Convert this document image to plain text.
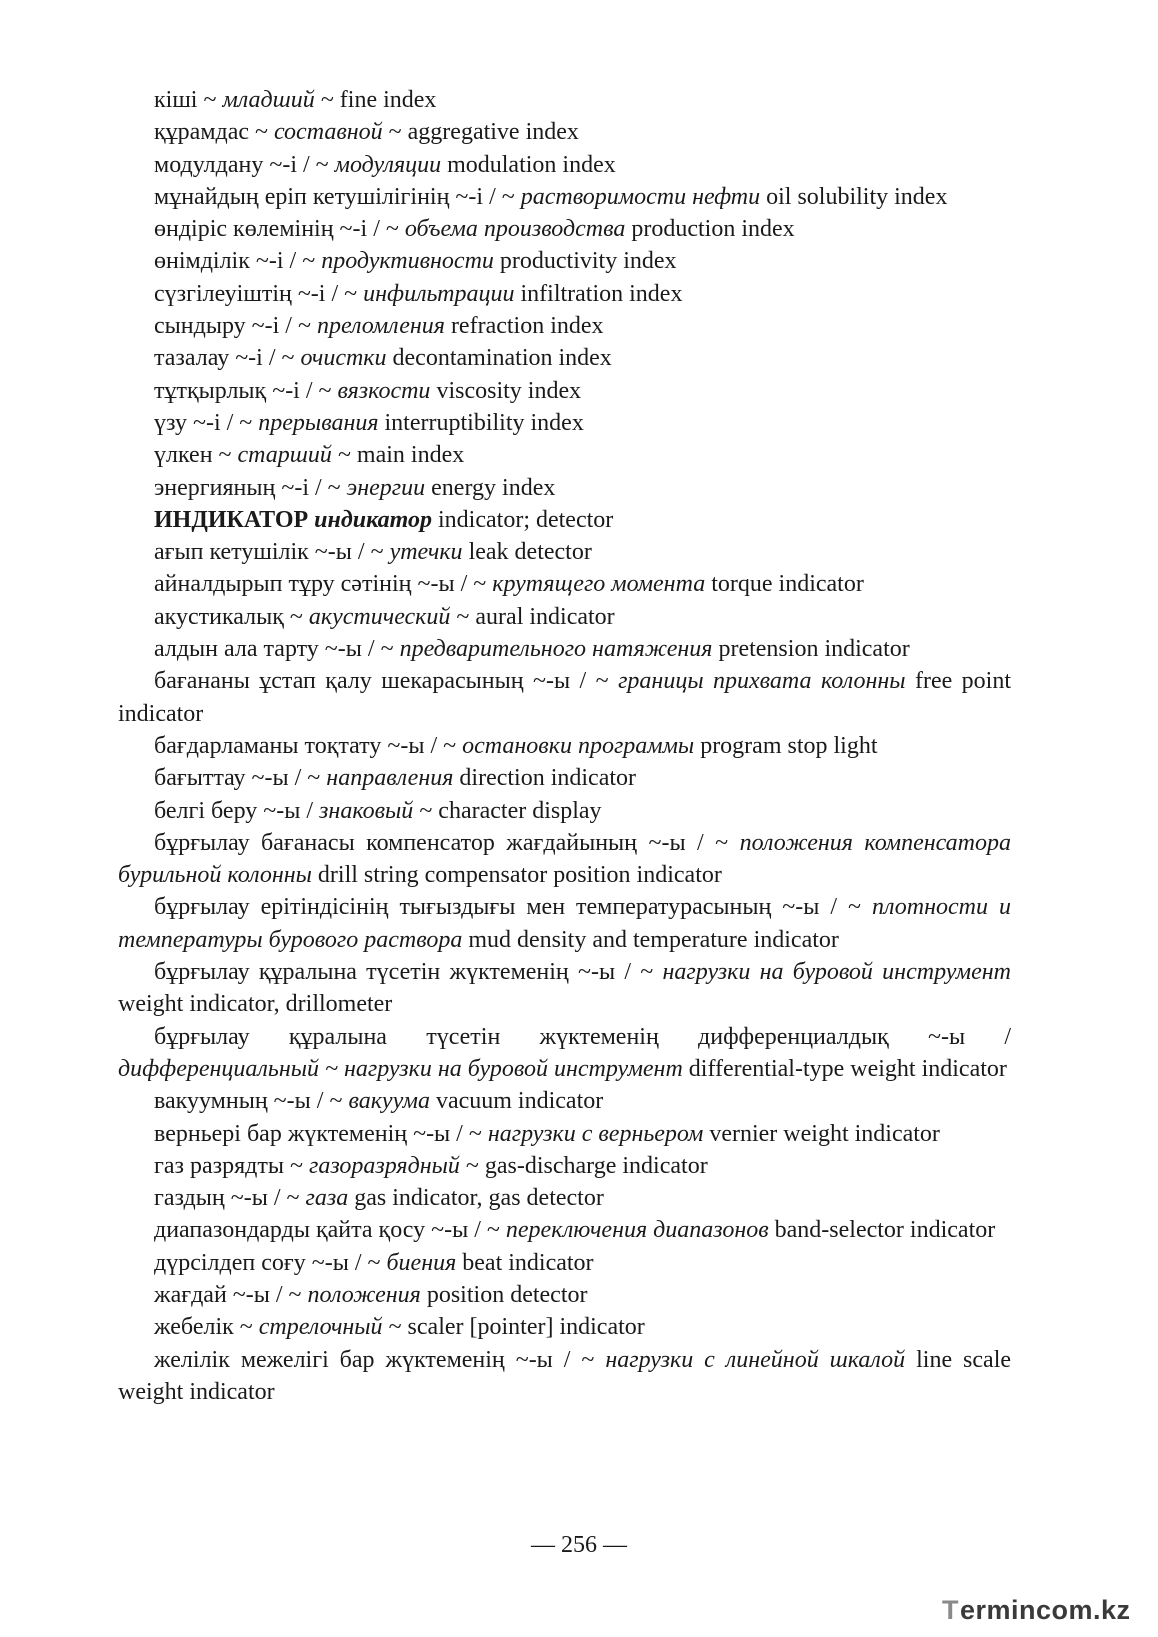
кіші ~ младший ~ fine index

құрамдас ~ составной ~ aggregative index

модулдану ~-і / ~ модуляции modulation index

мұнайдың еріп кетушілігінің ~-і / ~ растворимости нефти oil solubility index

өндіріс көлемінің ~-і / ~ объема производства production index

өнімділік ~-і / ~ продуктивности productivity index

сүзгілеуіштің ~-і / ~ инфильтрации infiltration index

сындыру ~-і / ~ преломления refraction index

тазалау ~-і / ~ очистки decontamination index

тұтқырлық ~-і / ~ вязкости viscosity index

үзу ~-і / ~ прерывания interruptibility index

үлкен ~ старший ~ main index

энергияның ~-і / ~ энергии energy index

ИНДИКАТОР индикатор indicator; detector

ағып кетушілік ~-ы / ~ утечки leak detector

айналдырып тұру сәтінің ~-ы / ~ крутящего момента torque indicator

акустикалық ~ акустический ~ aural indicator

алдын ала тарту ~-ы / ~ предварительного натяжения pretension indicator

бағананы ұстап қалу шекарасының ~-ы / ~ границы прихвата колонны free point indicator

бағдарламаны тоқтату ~-ы / ~ остановки программы program stop light

бағыттау ~-ы / ~ направления direction indicator

белгі беру ~-ы / знаковый ~ character display

бұрғылау бағанасы компенсатор жағдайының ~-ы / ~ положения компенсатора бурильной колонны drill string compensator position indicator

бұрғылау ерітіндісінің тығыздығы мен температурасының ~-ы / ~ плотности и температуры бурового раствора mud density and temperature indicator

бұрғылау құралына түсетін жүктеменің ~-ы / ~ нагрузки на буровой инструмент weight indicator, drillometer

бұрғылау құралына түсетін жүктеменің дифференциалдық ~-ы / дифференциальный ~ нагрузки на буровой инструмент differential-type weight indicator

вакуумның ~-ы / ~ вакуума vacuum indicator

верньері бар жүктеменің ~-ы / ~ нагрузки с верньером vernier weight indicator

газ разрядты ~ газоразрядный ~ gas-discharge indicator

газдың ~-ы / ~ газа gas indicator, gas detector

диапазондарды қайта қосу ~-ы / ~ переключения диапазонов band-selector indicator

дүрсілдеп соғу ~-ы / ~ биения beat indicator

жағдай ~-ы / ~ положения position detector

жебелік ~ стрелочный ~ scaler [pointer] indicator

желілік межелігі бар жүктеменің ~-ы / ~ нагрузки с линейной шкалой line scale weight indicator

— 256 —
Termincom.kz
